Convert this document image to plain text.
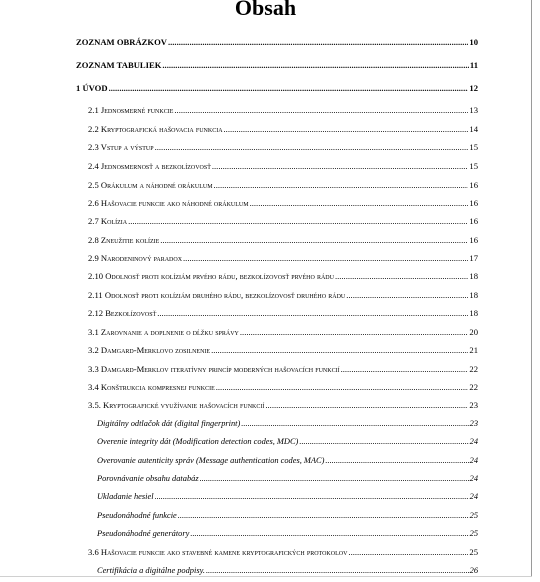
Obsah
ZOZNAM OBRÁZKOV .....	10
ZOZNAM TABULIEK .....	11
1 ÚVOD .....	12
2.1 Jednosmerné funkcie .....	13
2.2 Kryptografická hašovacia funkcia .....	14
2.3 Vstup a výstup .....	15
2.4 Jednosmernosť a bezkolízovosť .....	15
2.5 Orákulum a náhodné orákulum .....	16
2.6 Hašovacie funkcie ako náhodné orákulum .....	16
2.7 Kolízia .....	16
2.8 Zneužitie kolízie .....	16
2.9 Narodeninový paradox .....	17
2.10 Odolnosť proti kolíziám prvého rádu, bezkolízovosť prvého rádu .....	18
2.11 Odolnosť proti kolíziám druhého rádu, bezkolízovosť druhého rádu .....	18
2.12 Bezkolízovosť .....	18
3.1 Zarovnanie a doplnenie o dĺžku správy .....	20
3.2 Damgard-Merklovo zosilnenie .....	21
3.3 Damgard-Merklov iteratívny princíp moderných hašovacích funkcií .....	22
3.4 Konštrukcia kompresnej funkcie .....	22
3.5. Kryptografické využívanie hašovacích funkcií .....	23
Digitálny odtlačok dát (digital fingerprint) .....	23
Overenie integrity dát (Modification detection codes, MDC) .....	24
Overovanie autenticity správ (Message authentication codes, MAC) .....	24
Porovnávanie obsahu databáz .....	24
Ukladanie hesiel .....	24
Pseudonáhodné funkcie .....	25
Pseudonáhodné generátory .....	25
3.6 Hašovacie funkcie ako stavebné kamene kryptografických protokolov .....	25
Certifikácia a digitálne podpisy. .....	26
